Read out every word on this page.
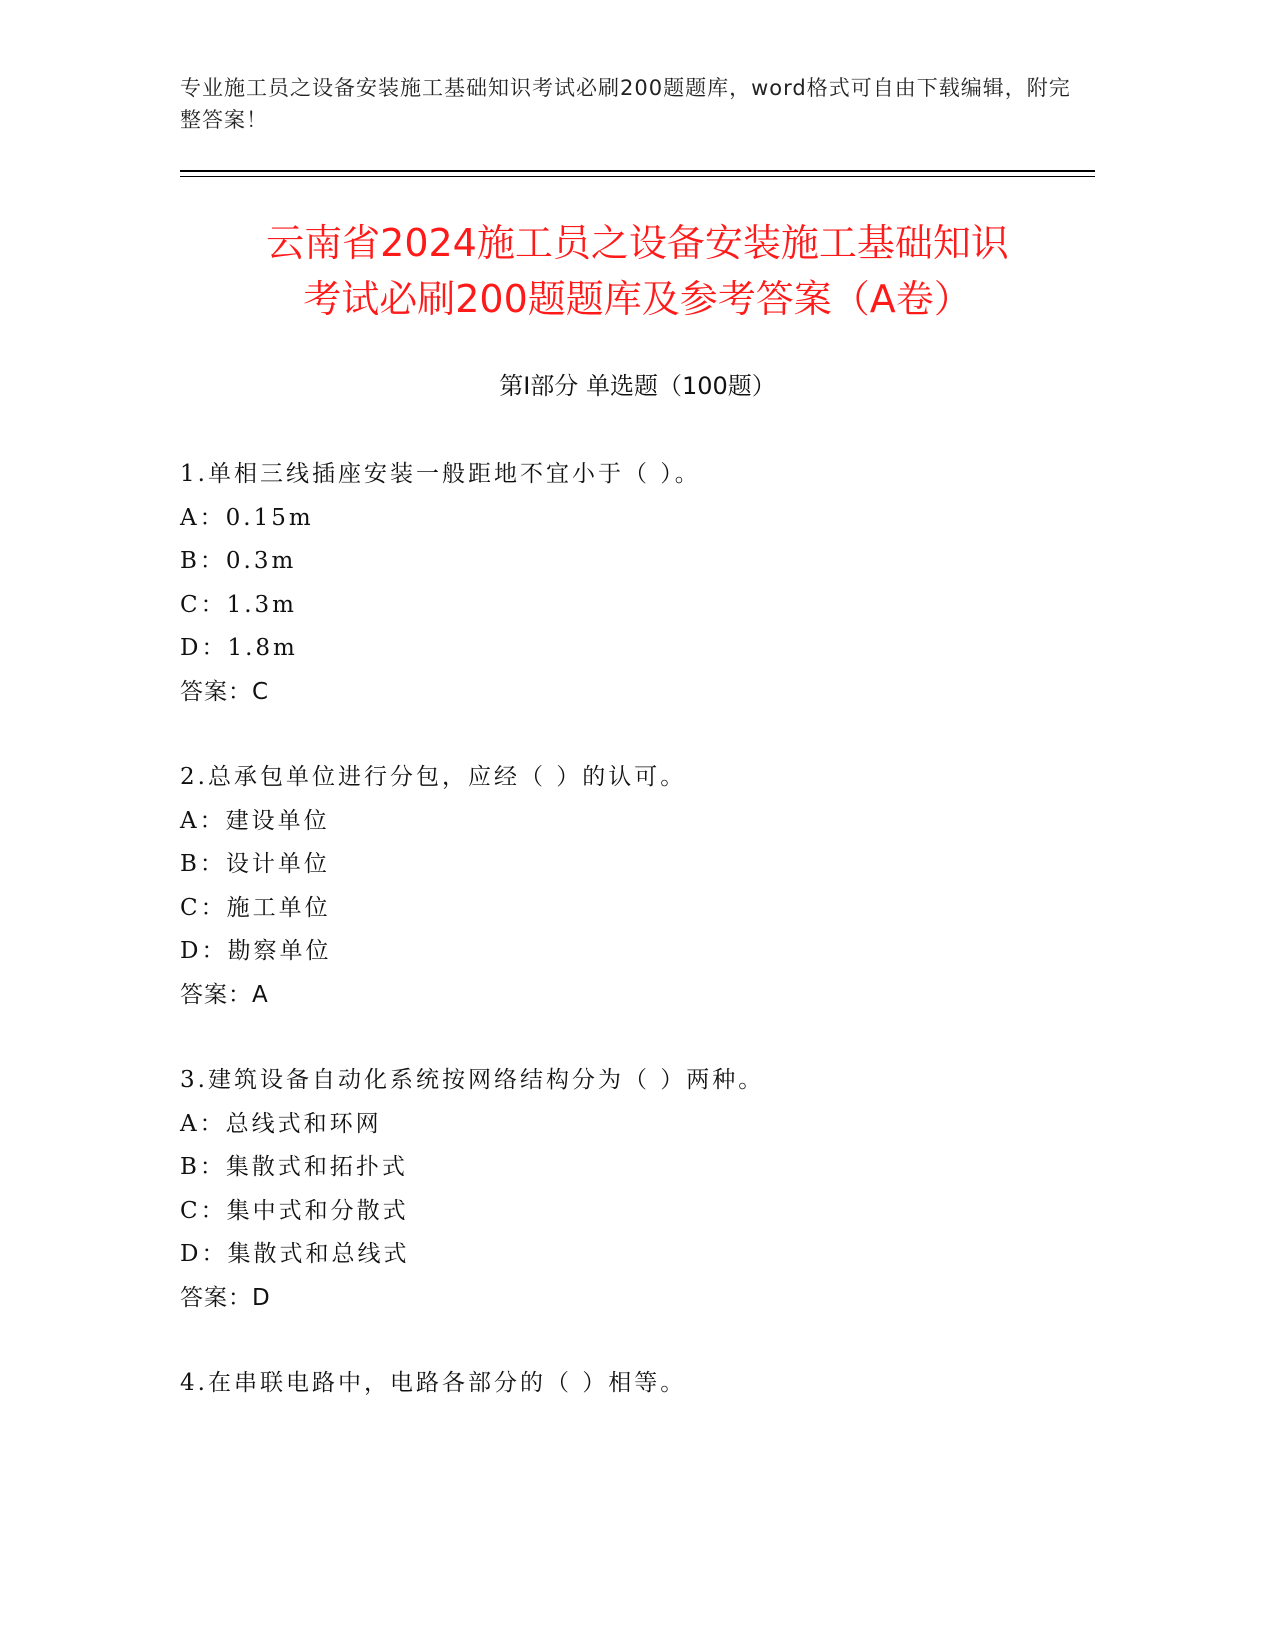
专业施工员之设备安装施工基础知识考试必刷200题题库，word格式可自由下载编辑，附完整答案！
云南省2024施工员之设备安装施工基础知识
考试必刷200题题库及参考答案（A卷）
第I部分 单选题（100题）
1.单相三线插座安装一般距地不宜小于（ ）。
A：0.15m
B：0.3m
C：1.3m
D：1.8m
答案：C
2.总承包单位进行分包，应经（ ）的认可。
A：建设单位
B：设计单位
C：施工单位
D：勘察单位
答案：A
3.建筑设备自动化系统按网络结构分为（ ）两种。
A：总线式和环网
B：集散式和拓扑式
C：集中式和分散式
D：集散式和总线式
答案：D
4.在串联电路中，电路各部分的（ ）相等。
